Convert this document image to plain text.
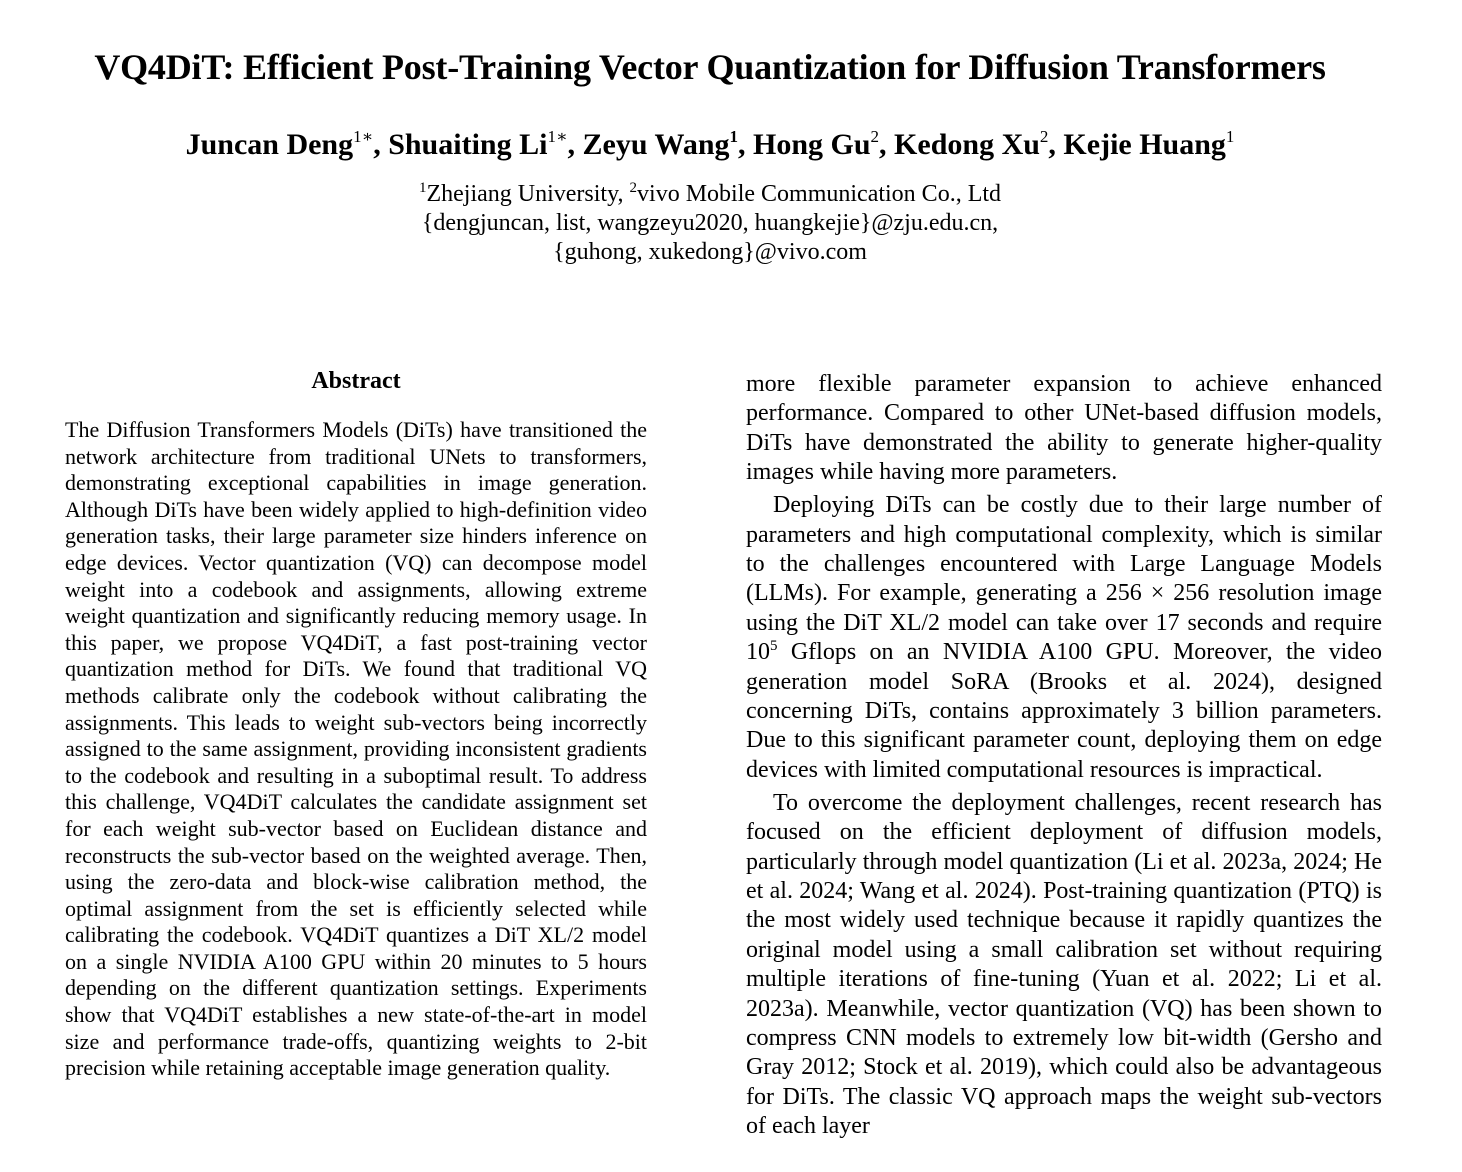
VQ4DiT: Efficient Post-Training Vector Quantization for Diffusion Transformers
Juncan Deng$^{1∗}$, Shuaiting $Li^{1∗}$, Zeyu Wang$^1$, Hong Gu$^2$, Kedong Xu$^2$, Kejie Huang$^1$
$^1$Zhejiang University, $^2$vivo Mobile Communication Co., Ltd
{dengjuncan, list, wangzeyu2020, huangkejie}@zju.edu.cn,
{guhong, xukedong}@vivo.com
Abstract

The Diffusion Transformers Models (DiTs) have transitioned the network architecture from traditional UNets to transformers, demonstrating exceptional capabilities in image generation. Although DiTs have been widely applied to high-definition video generation tasks, their large parameter size hinders inference on edge devices. Vector quantization (VQ) can decompose model weight into a codebook and assignments, allowing extreme weight quantization and significantly reducing memory usage. In this paper, we propose VQ4DiT, a fast post-training vector quantization method for DiTs. We found that traditional VQ methods calibrate only the codebook without calibrating the assignments. This leads to weight sub-vectors being incorrectly assigned to the same assignment, providing inconsistent gradients to the codebook and resulting in a suboptimal result. To address this challenge, VQ4DiT calculates the candidate assignment set for each weight sub-vector based on Euclidean distance and reconstructs the sub-vector based on the weighted average. Then, using the zero-data and block-wise calibration method, the optimal assignment from the set is efficiently selected while calibrating the codebook. VQ4DiT quantizes a DiT XL/2 model on a single NVIDIA A100 GPU within 20 minutes to 5 hours depending on the different quantization settings. Experiments show that VQ4DiT establishes a new state-of-the-art in model size and performance trade-offs, quantizing weights to 2-bit precision while retaining acceptable image generation quality.

more flexible parameter expansion to achieve enhanced performance. Compared to other UNet-based diffusion models, DiTs have demonstrated the ability to generate higher-quality images while having more parameters.

Deploying DiTs can be costly due to their large number of parameters and high computational complexity, which is similar to the challenges encountered with Large Language Models (LLMs). For example, generating a 256 × 256 resolution image using the DiT XL/2 model can take over 17 seconds and require $10^5$ Gflops on an NVIDIA A100 GPU. Moreover, the video generation model SoRA (Brooks et al. 2024), designed concerning DiTs, contains approximately 3 billion parameters. Due to this significant parameter count, deploying them on edge devices with limited computational resources is impractical.

To overcome the deployment challenges, recent research has focused on the efficient deployment of diffusion models, particularly through model quantization (Li et al. 2023a, 2024; He et al. 2024; Wang et al. 2024). Post-training quantization (PTQ) is the most widely used technique because it rapidly quantizes the original model using a small calibration set without requiring multiple iterations of fine-tuning (Yuan et al. 2022; Li et al. 2023a). Meanwhile, vector quantization (VQ) has been shown to compress CNN models to extremely low bit-width (Gersho and Gray 2012; Stock et al. 2019), which could also be advantageous for DiTs. The classic VQ approach maps the weight sub-vectors of each layer
